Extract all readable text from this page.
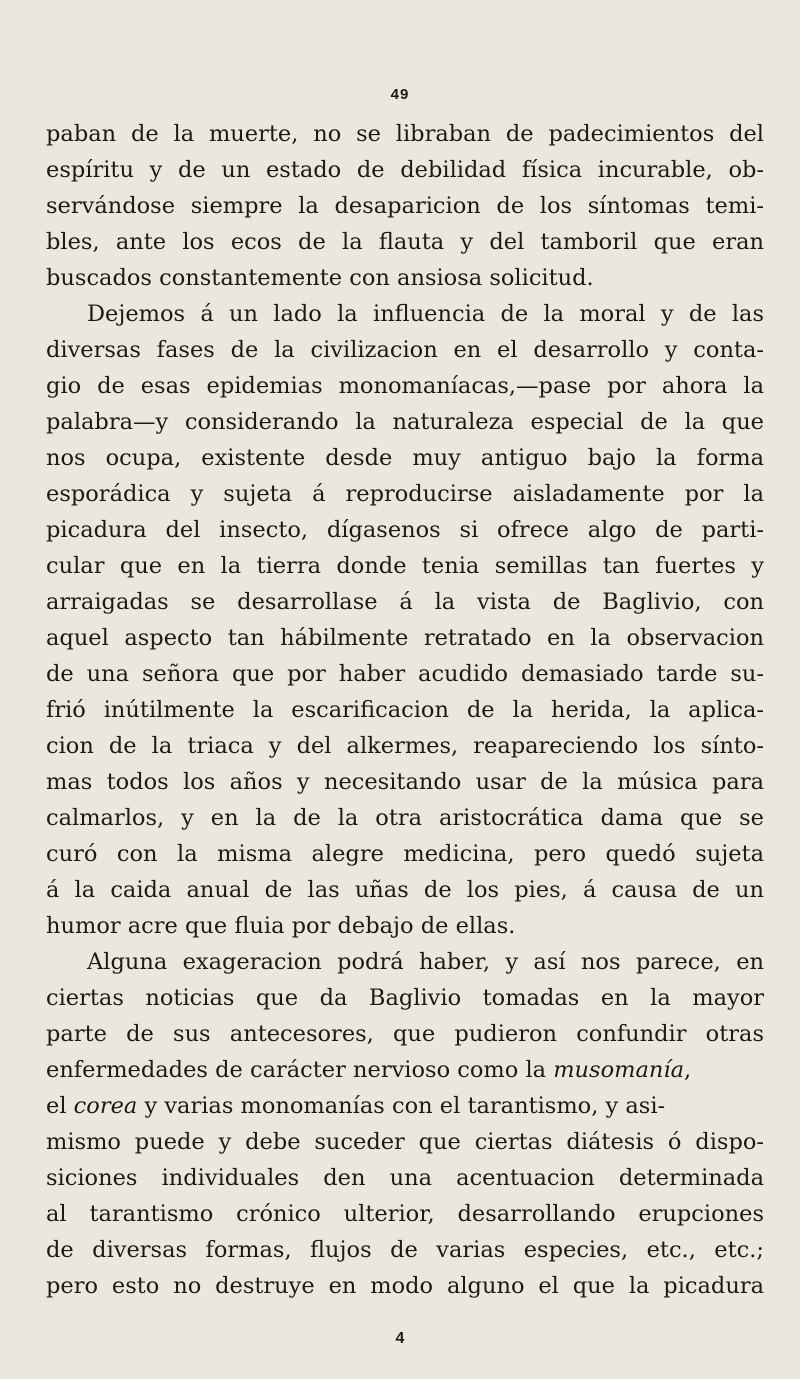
49
paban de la muerte, no se libraban de padecimientos del
espíritu y de un estado de debilidad física incurable, ob-
servándose siempre la desaparicion de los síntomas temi-
bles, ante los ecos de la flauta y del tamboril que eran
buscados constantemente con ansiosa solicitud.
Dejemos á un lado la influencia de la moral y de las
diversas fases de la civilizacion en el desarrollo y conta-
gio de esas epidemias monomaníacas,—pase por ahora la
palabra—y considerando la naturaleza especial de la que
nos ocupa, existente desde muy antiguo bajo la forma
esporádica y sujeta á reproducirse aisladamente por la
picadura del insecto, dígasenos si ofrece algo de parti-
cular que en la tierra donde tenia semillas tan fuertes y
arraigadas se desarrollase á la vista de Baglivio, con
aquel aspecto tan hábilmente retratado en la observacion
de una señora que por haber acudido demasiado tarde su-
frió inútilmente la escarificacion de la herida, la aplica-
cion de la triaca y del alkermes, reapareciendo los sínto-
mas todos los años y necesitando usar de la música para
calmarlos, y en la de la otra aristocrática dama que se
curó con la misma alegre medicina, pero quedó sujeta
á la caida anual de las uñas de los pies, á causa de un
humor acre que fluia por debajo de ellas.
Alguna exageracion podrá haber, y así nos parece, en
ciertas noticias que da Baglivio tomadas en la mayor
parte de sus antecesores, que pudieron confundir otras
enfermedades de carácter nervioso como la musomanía,
el corea y varias monomanías con el tarantismo, y asi-
mismo puede y debe suceder que ciertas diátesis ó dispo-
siciones individuales den una acentuacion determinada
al tarantismo crónico ulterior, desarrollando erupciones
de diversas formas, flujos de varias especies, etc., etc.;
pero esto no destruye en modo alguno el que la picadura
4
